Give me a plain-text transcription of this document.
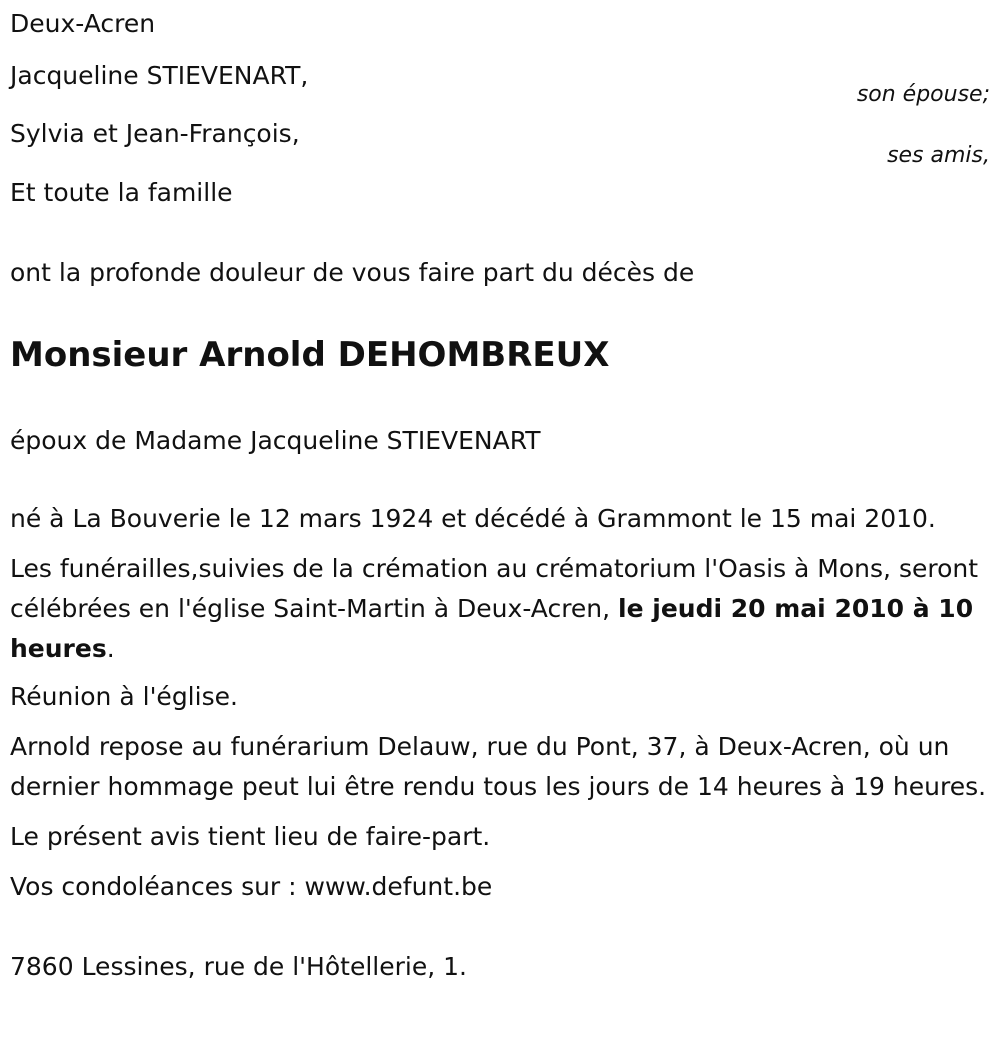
Deux-Acren
Jacqueline STIEVENART,
son épouse;
Sylvia et Jean-François,
ses amis,
Et toute la famille
ont la profonde douleur de vous faire part du décès de
Monsieur Arnold DEHOMBREUX
époux de Madame Jacqueline STIEVENART
né à La Bouverie le 12 mars 1924 et décédé à Grammont le 15 mai 2010.
Les funérailles,suivies de la crémation au crématorium l'Oasis à Mons, seront célébrées en l'église Saint-Martin à Deux-Acren, le jeudi 20 mai 2010 à 10 heures.
Réunion à l'église.
Arnold repose au funérarium Delauw, rue du Pont, 37, à Deux-Acren, où un dernier hommage peut lui être rendu tous les jours de 14 heures à 19 heures.
Le présent avis tient lieu de faire-part.
Vos condoléances sur : www.defunt.be
7860 Lessines, rue de l'Hôtellerie, 1.
